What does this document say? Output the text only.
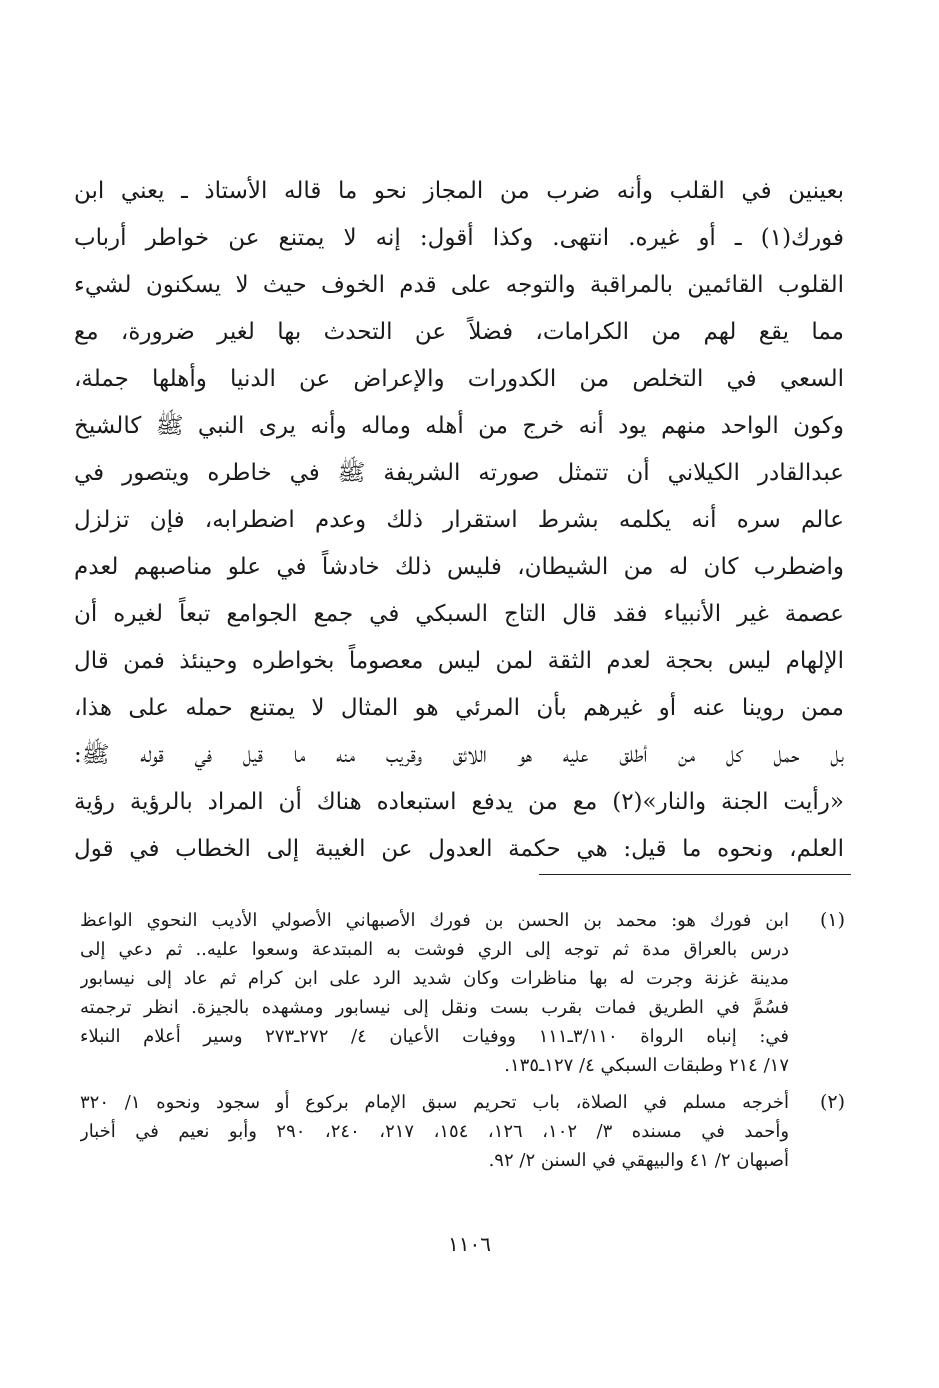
بعينين في القلب وأنه ضرب من المجاز نحو ما قاله الأستاذ ـ يعني ابن
فورك(١) ـ أو غيره. انتهى. وكذا أقول: إنه لا يمتنع عن خواطر أرباب
القلوب القائمين بالمراقبة والتوجه على قدم الخوف حيث لا يسكنون لشيء
مما يقع لهم من الكرامات، فضلاً عن التحدث بها لغير ضرورة، مع
السعي في التخلص من الكدورات والإعراض عن الدنيا وأهلها جملة،
وكون الواحد منهم يود أنه خرج من أهله وماله وأنه يرى النبي ﷺ كالشيخ
عبدالقادر الكيلاني أن تتمثل صورته الشريفة ﷺ في خاطره ويتصور في
عالم سره أنه يكلمه بشرط استقرار ذلك وعدم اضطرابه، فإن تزلزل
واضطرب كان له من الشيطان، فليس ذلك خادشاً في علو مناصبهم لعدم
عصمة غير الأنبياء فقد قال التاج السبكي في جمع الجوامع تبعاً لغيره أن
الإلهام ليس بحجة لعدم الثقة لمن ليس معصوماً بخواطره وحينئذ فمن قال
ممن روينا عنه أو غيرهم بأن المرئي هو المثال لا يمتنع حمله على هذا،
بل حمل كل من أطلق عليه هو اللائق وقريب منه ما قيل في قوله ﷺ:
«رأيت الجنة والنار»(٢) مع من يدفع استبعاده هناك أن المراد بالرؤية رؤية
العلم، ونحوه ما قيل: هي حكمة العدول عن الغيبة إلى الخطاب في قول
(١)
ابن فورك هو: محمد بن الحسن بن فورك الأصبهاني الأصولي الأديب النحوي الواعظ
درس بالعراق مدة ثم توجه إلى الري فوشت به المبتدعة وسعوا عليه.. ثم دعي إلى
مدينة غزنة وجرت له بها مناظرات وكان شديد الرد على ابن كرام ثم عاد إلى نيسابور
فسُمَّ في الطريق فمات بقرب بست ونقل إلى نيسابور ومشهده بالجيزة. انظر ترجمته
في: إنباه الرواة ٣/١١٠ـ١١١ ووفيات الأعيان ٤/ ٢٧٢ـ٢٧٣ وسير أعلام النبلاء
١٧/ ٢١٤ وطبقات السبكي ٤/ ١٢٧ـ١٣٥.
(٢)
أخرجه مسلم في الصلاة، باب تحريم سبق الإمام بركوع أو سجود ونحوه ١/ ٣٢٠
وأحمد في مسنده ٣/ ١٠٢، ١٢٦، ١٥٤، ٢١٧، ٢٤٠، ٢٩٠ وأبو نعيم في أخبار
أصبهان ٢/ ٤١ والبيهقي في السنن ٢/ ٩٢.
١١٠٦
